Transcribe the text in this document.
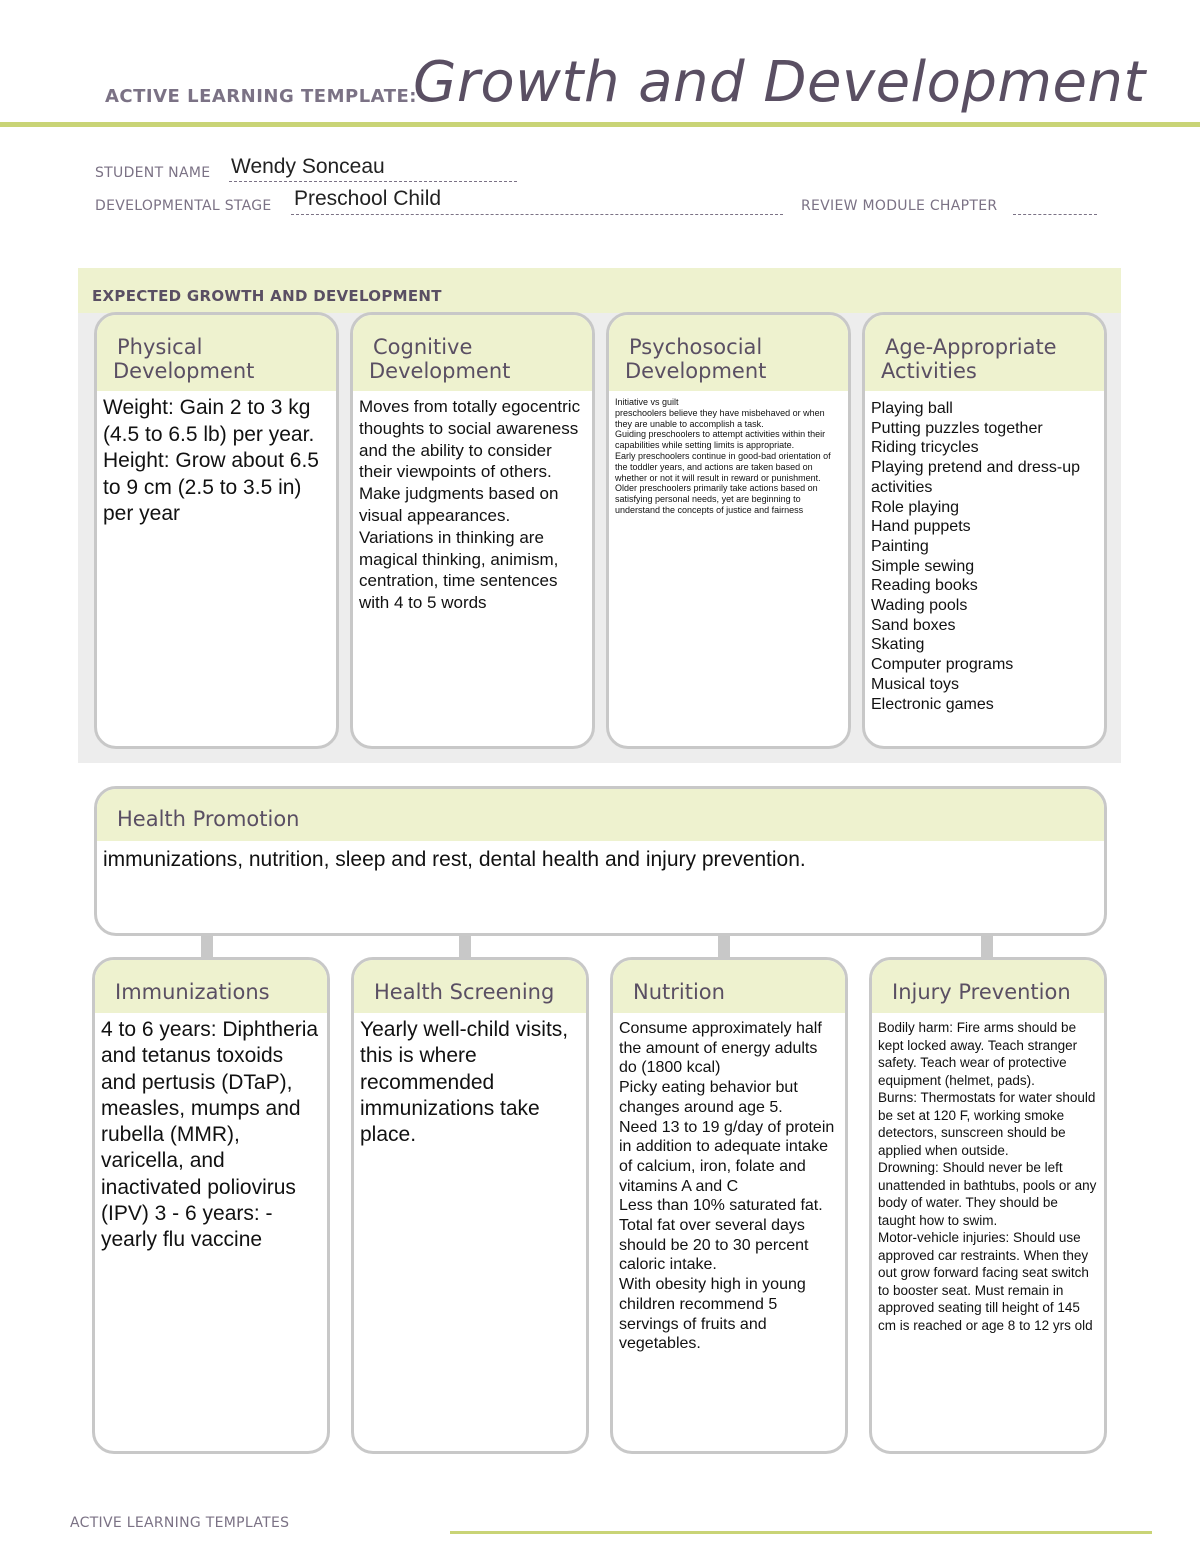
ACTIVE LEARNING TEMPLATE:
Growth and Development
STUDENT NAME Wendy Sonceau
DEVELOPMENTAL STAGE Preschool Child	REVIEW MODULE CHAPTER
EXPECTED GROWTH AND DEVELOPMENT
Physical
Development
Weight: Gain 2 to 3 kg (4.5 to 6.5 lb) per year.
Height: Grow about 6.5 to 9 cm (2.5 to 3.5 in) per year
Cognitive
Development
Moves from totally egocentric thoughts to social awareness and the ability to consider their viewpoints of others.
Make judgments based on visual appearances.
Variations in thinking are magical thinking, animism, centration, time sentences with 4 to 5 words
Psychosocial
Development
Initiative vs guilt
preschoolers believe they have misbehaved or when they are unable to accomplish a task.
Guiding preschoolers to attempt activities within their capabilities while setting limits is appropriate.
Early preschoolers continue in good-bad orientation of the toddler years, and actions are taken based on whether or not it will result in reward or punishment.
Older preschoolers primarily take actions based on satisfying personal needs, yet are beginning to understand the concepts of justice and fairness
Age-Appropriate
Activities
Playing ball
Putting puzzles together
Riding tricycles
Playing pretend and dress-up activities
Role playing
Hand puppets
Painting
Simple sewing
Reading books
Wading pools
Sand boxes
Skating
Computer programs
Musical toys
Electronic games
Health Promotion
immunizations, nutrition, sleep and rest, dental health and injury prevention.
Immunizations
4 to 6 years: Diphtheria and tetanus toxoids and pertusis (DTaP), measles, mumps and rubella (MMR), varicella, and inactivated poliovirus (IPV) 3 - 6 years: - yearly flu vaccine
Health Screening
Yearly well-child visits, this is where recommended immunizations take place.
Nutrition
Consume approximately half the amount of energy adults do (1800 kcal)
Picky eating behavior but changes around age 5.
Need 13 to 19 g/day of protein in addition to adequate intake of calcium, iron, folate and vitamins A and C
Less than 10% saturated fat. Total fat over several days should be 20 to 30 percent caloric intake.
With obesity high in young children recommend 5 servings of fruits and vegetables.
Injury Prevention
Bodily harm: Fire arms should be kept locked away. Teach stranger safety. Teach wear of protective equipment (helmet, pads).
Burns: Thermostats for water should be set at 120 F, working smoke detectors, sunscreen should be applied when outside.
Drowning: Should never be left unattended in bathtubs, pools or any body of water. They should be taught how to swim.
Motor-vehicle injuries: Should use approved car restraints. When they out grow forward facing seat switch to booster seat. Must remain in approved seating till height of 145 cm is reached or age 8 to 12 yrs old
ACTIVE LEARNING TEMPLATES
